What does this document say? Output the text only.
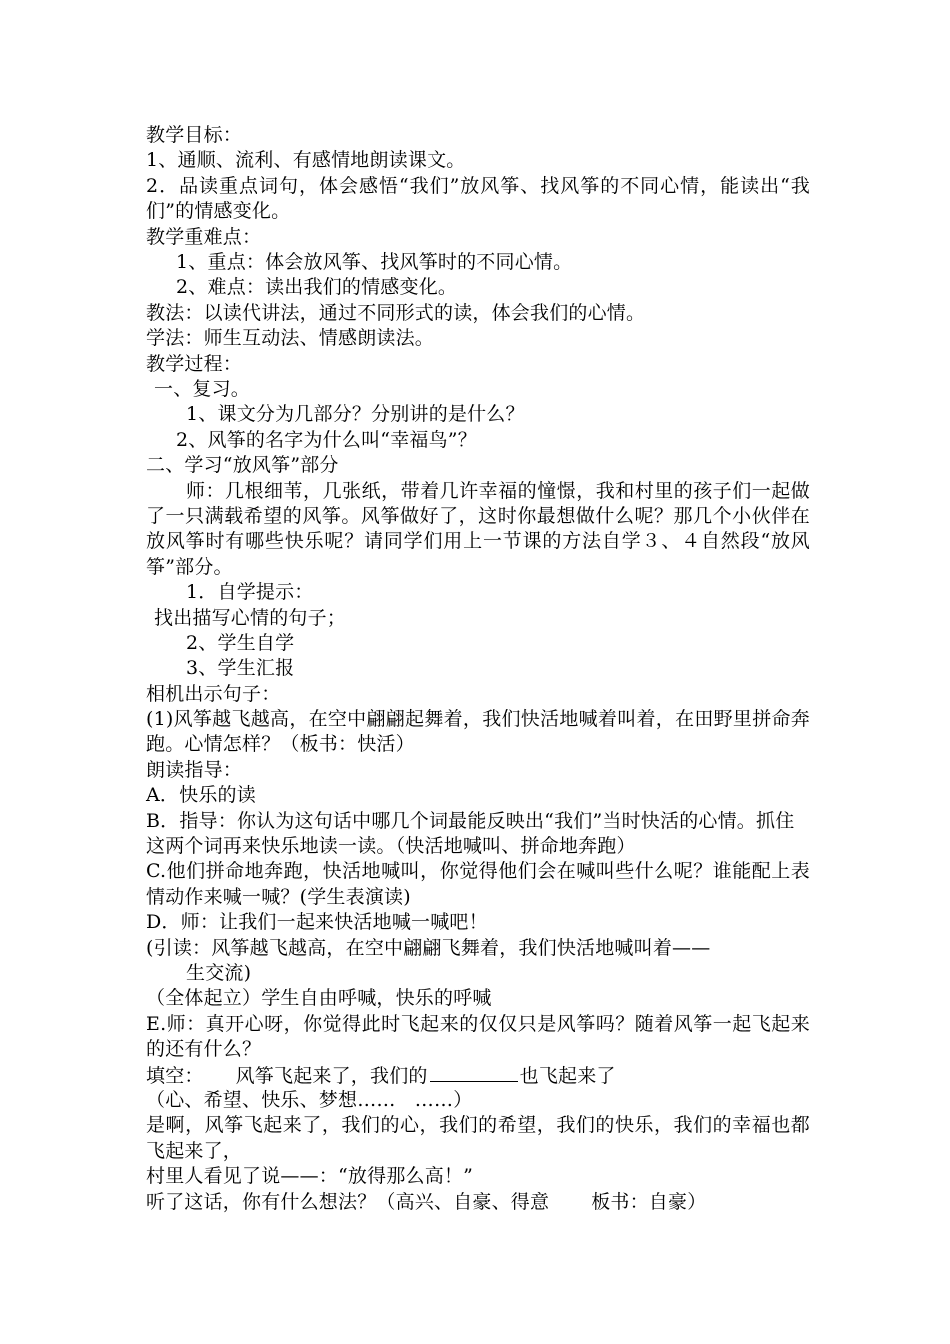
教学目标：

1、通顺、流利、有感情地朗读课文。

2．品读重点词句，体会感悟“我们”放风筝、找风筝的不同心情，能读出“我们”的情感变化。

教学重难点：

1、重点：体会放风筝、找风筝时的不同心情。

2、难点：读出我们的情感变化。

教法：以读代讲法，通过不同形式的读，体会我们的心情。

学法：师生互动法、情感朗读法。

教学过程：

一、复习。

1、课文分为几部分？分别讲的是什么？

2、风筝的名字为什么叫“幸福鸟”？

二、学习“放风筝”部分

师：几根细苇，几张纸，带着几许幸福的憧憬，我和村里的孩子们一起做了一只满载希望的风筝。风筝做好了，这时你最想做什么呢？那几个小伙伴在放风筝时有哪些快乐呢？请同学们用上一节课的方法自学３、４自然段“放风筝”部分。

1．自学提示：

找出描写心情的句子；

2、学生自学

3、学生汇报

相机出示句子：

(1)风筝越飞越高，在空中翩翩起舞着，我们快活地喊着叫着，在田野里拼命奔跑。心情怎样？（板书：快活）

朗读指导：

A．快乐的读

B．指导：你认为这句话中哪几个词最能反映出“我们”当时快活的心情。抓住

这两个词再来快乐地读一读。（快活地喊叫、拼命地奔跑）

C.他们拼命地奔跑，快活地喊叫，你觉得他们会在喊叫些什么呢？谁能配上表情动作来喊一喊？(学生表演读)

D．师：让我们一起来快活地喊一喊吧！

(引读：风筝越飞越高，在空中翩翩飞舞着，我们快活地喊叫着——

生交流)

（全体起立）学生自由呼喊，快乐的呼喊

E.师：真开心呀，你觉得此时飞起来的仅仅只是风筝吗？随着风筝一起飞起来的还有什么？

填空： 风筝飞起来了，我们的	也飞起来了

（心、希望、快乐、梦想……　……）

是啊，风筝飞起来了，我们的心，我们的希望，我们的快乐，我们的幸福也都飞起来了，

村里人看见了说——：“放得那么高！”

听了这话，你有什么想法？（高兴、自豪、得意 板书：自豪）
